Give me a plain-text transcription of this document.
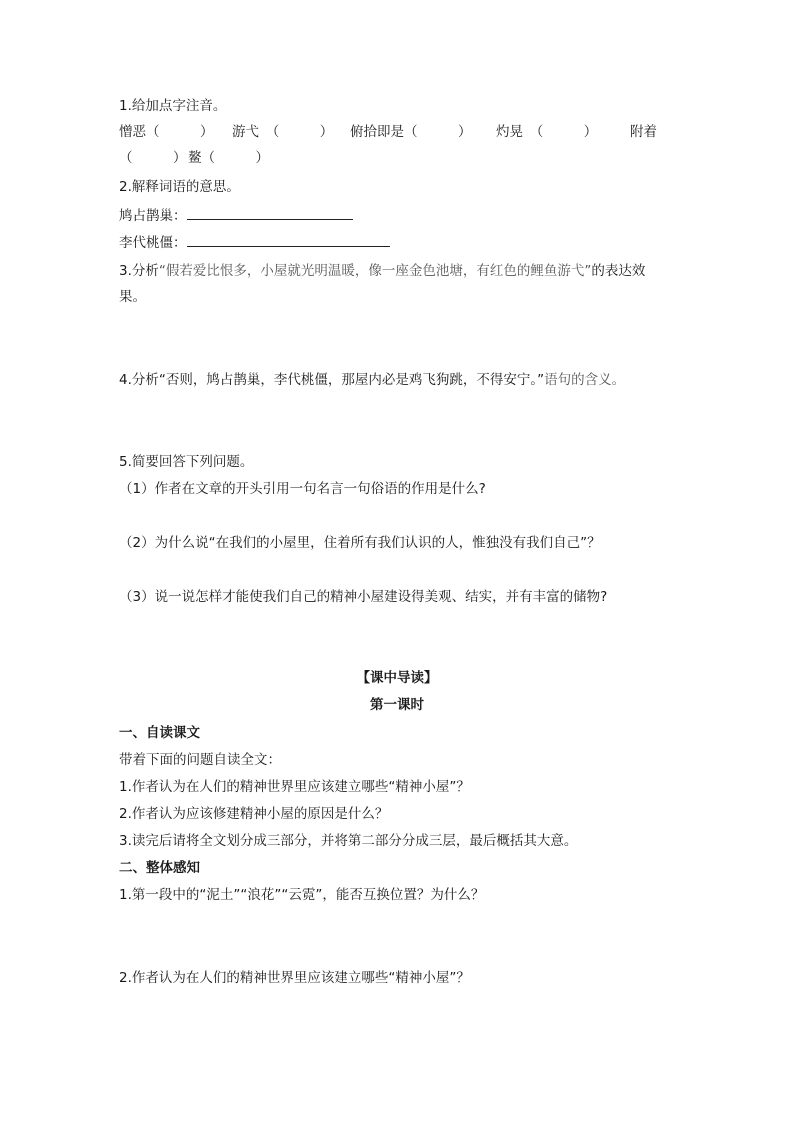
1.给加点字注音。
憎恶（　　　） 游弋　（　　　） 俯拾即是（　　　） 灼晃　（　　　） 附着
（　　　） 鳌（　　　）
2.解释词语的意思。
鸠占鹊巢：
李代桃僵：
3.分析“假若爱比恨多，小屋就光明温暖，像一座金色池塘，有红色的鲤鱼游弋”的表达效
果。
4.分析“否则，鸠占鹊巢，李代桃僵，那屋内必是鸡飞狗跳，不得安宁。”语句的含义。
5.简要回答下列问题。
（1）作者在文章的开头引用一句名言一句俗语的作用是什么?
（2）为什么说“在我们的小屋里，住着所有我们认识的人，惟独没有我们自己”？
（3）说一说怎样才能使我们自己的精神小屋建设得美观、结实，并有丰富的储物?
【课中导读】
第一课时
一、自读课文
带着下面的问题自读全文：
1.作者认为在人们的精神世界里应该建立哪些“精神小屋”？
2.作者认为应该修建精神小屋的原因是什么？
3.读完后请将全文划分成三部分，并将第二部分分成三层，最后概括其大意。
二、整体感知
1.第一段中的“泥土”“浪花”“云霓”，能否互换位置？为什么？
2.作者认为在人们的精神世界里应该建立哪些“精神小屋”？
